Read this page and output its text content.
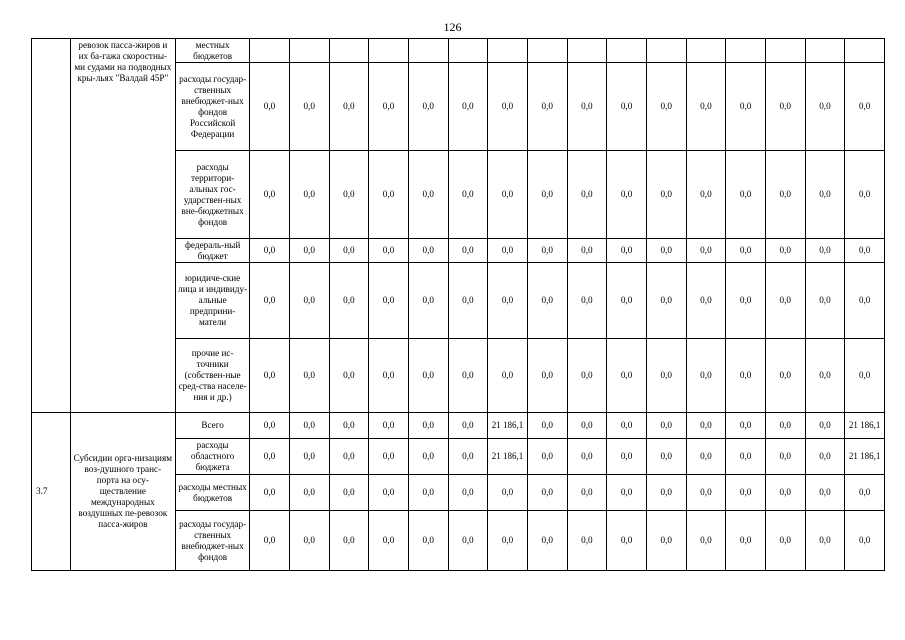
126
	ревозок пасса-жиров и их ба-гажа скоростны-ми судами на подводных кры-льях "Валдай 45Р"	местных бюджетов																
		расходы государ-ственных внебюджет-ных фондов Российской Федерации	0,0	0,0	0,0	0,0	0,0	0,0	0,0	0,0	0,0	0,0	0,0	0,0	0,0	0,0	0,0	0,0
		расходы территори-альных гос-ударствен-ных вне-бюджетных фондов	0,0	0,0	0,0	0,0	0,0	0,0	0,0	0,0	0,0	0,0	0,0	0,0	0,0	0,0	0,0	0,0
		федераль-ный бюджет	0,0	0,0	0,0	0,0	0,0	0,0	0,0	0,0	0,0	0,0	0,0	0,0	0,0	0,0	0,0	0,0
		юридиче-ские лица и индивиду-альные предприни-матели	0,0	0,0	0,0	0,0	0,0	0,0	0,0	0,0	0,0	0,0	0,0	0,0	0,0	0,0	0,0	0,0
		прочие ис-точники (собствен-ные сред-ства населе-ния и др.)	0,0	0,0	0,0	0,0	0,0	0,0	0,0	0,0	0,0	0,0	0,0	0,0	0,0	0,0	0,0	0,0
3.7	Субсидии орга-низациям воз-душного транс-порта на осу-ществление международных воздушных пе-ревозок пасса-жиров	Всего	0,0	0,0	0,0	0,0	0,0	0,0	21 186,1	0,0	0,0	0,0	0,0	0,0	0,0	0,0	0,0	21 186,1
		расходы областного бюджета	0,0	0,0	0,0	0,0	0,0	0,0	21 186,1	0,0	0,0	0,0	0,0	0,0	0,0	0,0	0,0	21 186,1
		расходы местных бюджетов	0,0	0,0	0,0	0,0	0,0	0,0	0,0	0,0	0,0	0,0	0,0	0,0	0,0	0,0	0,0	0,0
		расходы государ-ственных внебюджет-ных фондов	0,0	0,0	0,0	0,0	0,0	0,0	0,0	0,0	0,0	0,0	0,0	0,0	0,0	0,0	0,0	0,0
